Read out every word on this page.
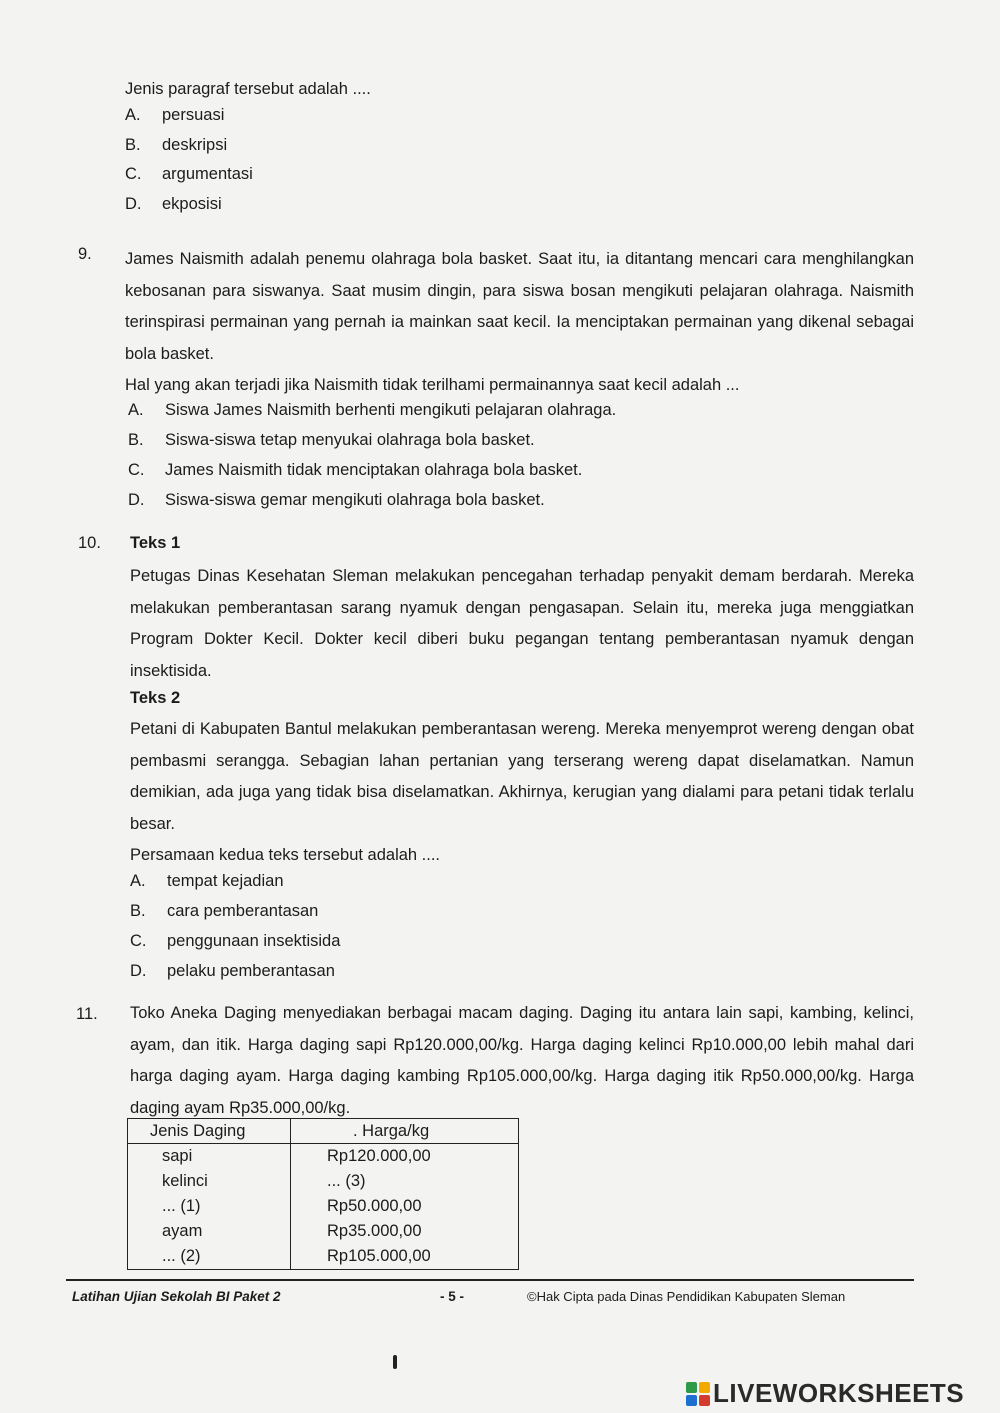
Jenis paragraf tersebut adalah ....
A.	persuasi
B.	deskripsi
C.	argumentasi
D.	ekposisi
9. James Naismith adalah penemu olahraga bola basket. Saat itu, ia ditantang mencari cara menghilangkan kebosanan para siswanya. Saat musim dingin, para siswa bosan mengikuti pelajaran olahraga. Naismith terinspirasi permainan yang pernah ia mainkan saat kecil. Ia menciptakan permainan yang dikenal sebagai bola basket.
Hal yang akan terjadi jika Naismith tidak terilhami permainannya saat kecil adalah ...
A.	Siswa James Naismith berhenti mengikuti pelajaran olahraga.
B.	Siswa-siswa tetap menyukai olahraga bola basket.
C.	James Naismith tidak menciptakan olahraga bola basket.
D.	Siswa-siswa gemar mengikuti olahraga bola basket.
10. Teks 1
Petugas Dinas Kesehatan Sleman melakukan pencegahan terhadap penyakit demam berdarah. Mereka melakukan pemberantasan sarang nyamuk dengan pengasapan. Selain itu, mereka juga menggiatkan Program Dokter Kecil. Dokter kecil diberi buku pegangan tentang pemberantasan nyamuk dengan insektisida.
Teks 2
Petani di Kabupaten Bantul melakukan pemberantasan wereng. Mereka menyemprot wereng dengan obat pembasmi serangga. Sebagian lahan pertanian yang terserang wereng dapat diselamatkan. Namun demikian, ada juga yang tidak bisa diselamatkan. Akhirnya, kerugian yang dialami para petani tidak terlalu besar.
Persamaan kedua teks tersebut adalah ....
A.	tempat kejadian
B.	cara pemberantasan
C.	penggunaan insektisida
D.	pelaku pemberantasan
11. Toko Aneka Daging menyediakan berbagai macam daging. Daging itu antara lain sapi, kambing, kelinci, ayam, dan itik. Harga daging sapi Rp120.000,00/kg. Harga daging kelinci Rp10.000,00 lebih mahal dari harga daging ayam. Harga daging kambing Rp105.000,00/kg. Harga daging itik Rp50.000,00/kg. Harga daging ayam Rp35.000,00/kg.
Jenis Daging	. Harga/kg
sapi	Rp120.000,00
kelinci	... (3)
... (1)	Rp50.000,00
ayam	Rp35.000,00
... (2)	Rp105.000,00
Latihan Ujian Sekolah BI Paket 2	- 5 -	©Hak Cipta pada Dinas Pendidikan Kabupaten Sleman
LIVEWORKSHEETS
